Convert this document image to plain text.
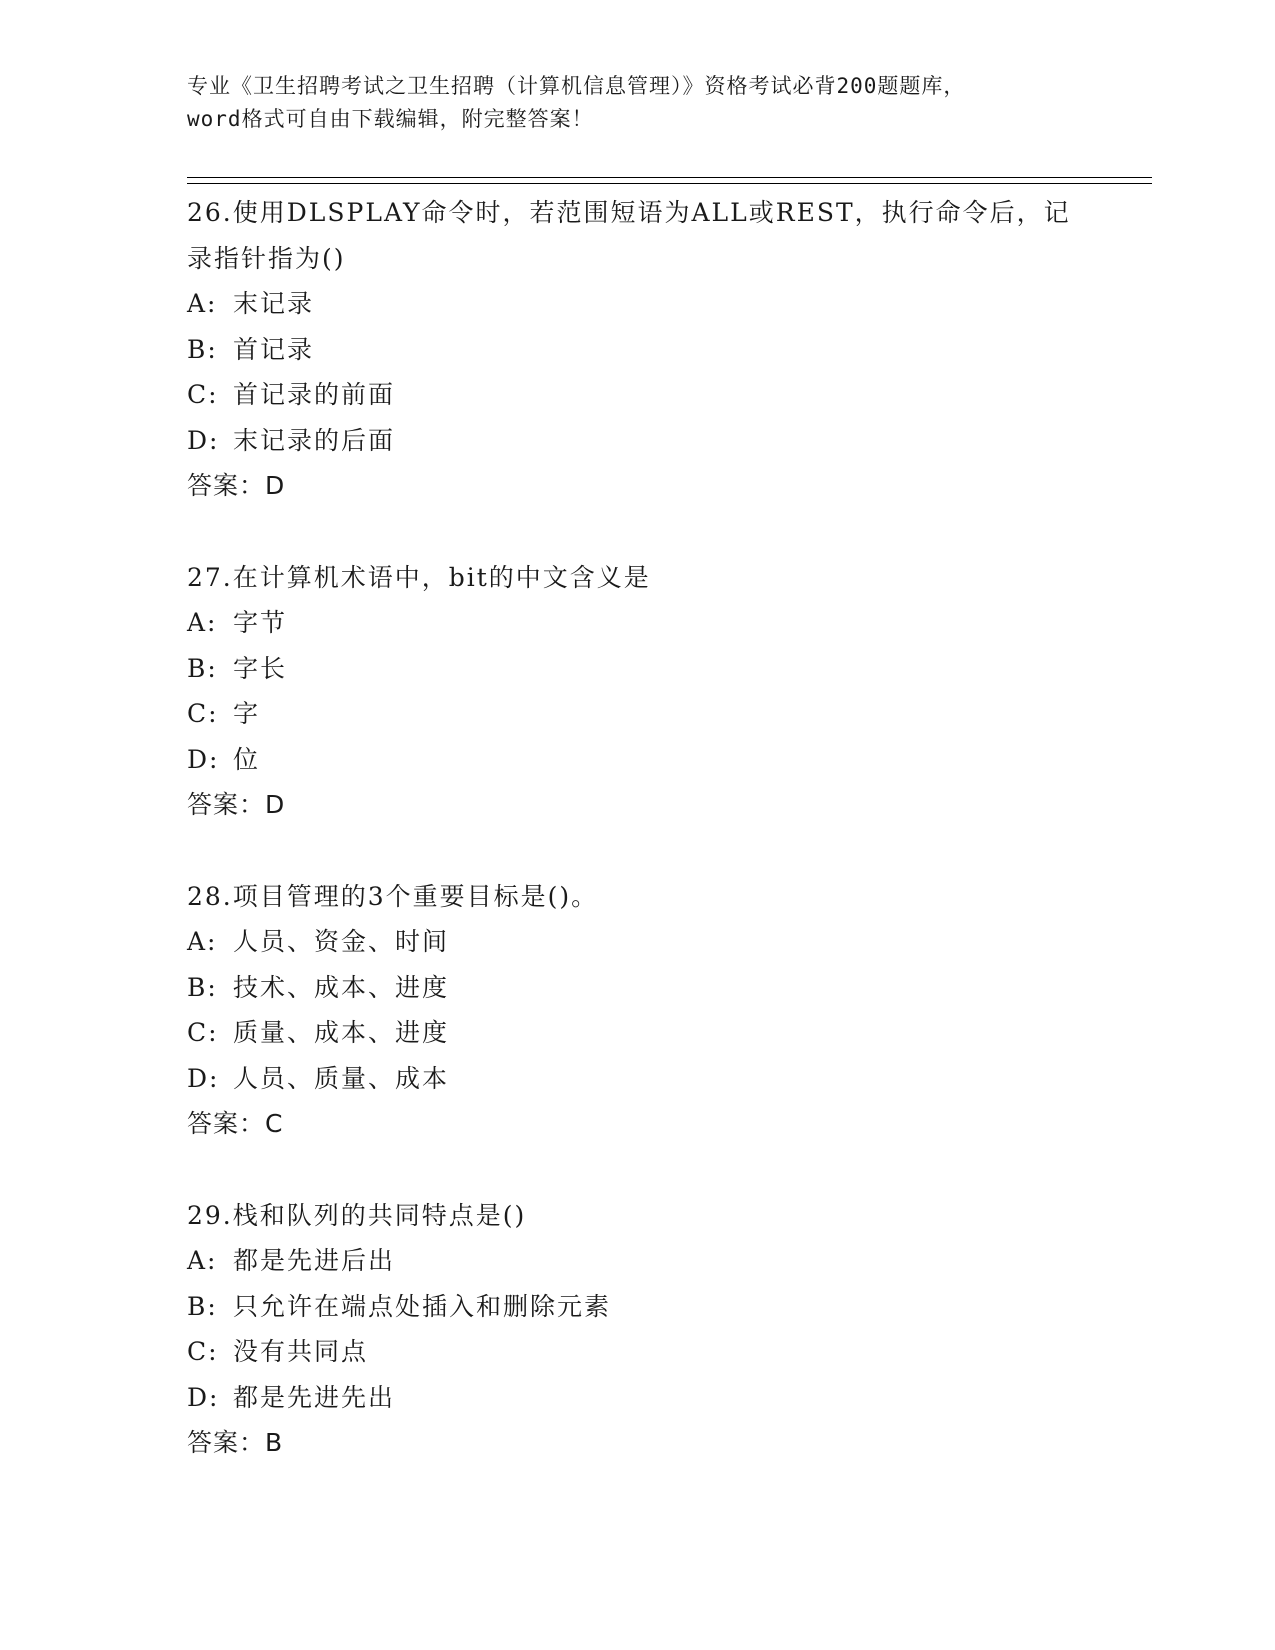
专业《卫生招聘考试之卫生招聘（计算机信息管理）》资格考试必背200题题库，
word格式可自由下载编辑，附完整答案！
26.使用DLSPLAY命令时，若范围短语为ALL或REST，执行命令后，记录指针指为()
A: 末记录
B: 首记录
C: 首记录的前面
D: 末记录的后面
答案：D
27.在计算机术语中，bit的中文含义是
A: 字节
B: 字长
C: 字
D: 位
答案：D
28.项目管理的3个重要目标是()。
A: 人员、资金、时间
B: 技术、成本、进度
C: 质量、成本、进度
D: 人员、质量、成本
答案：C
29.栈和队列的共同特点是()
A: 都是先进后出
B: 只允许在端点处插入和删除元素
C: 没有共同点
D: 都是先进先出
答案：B
